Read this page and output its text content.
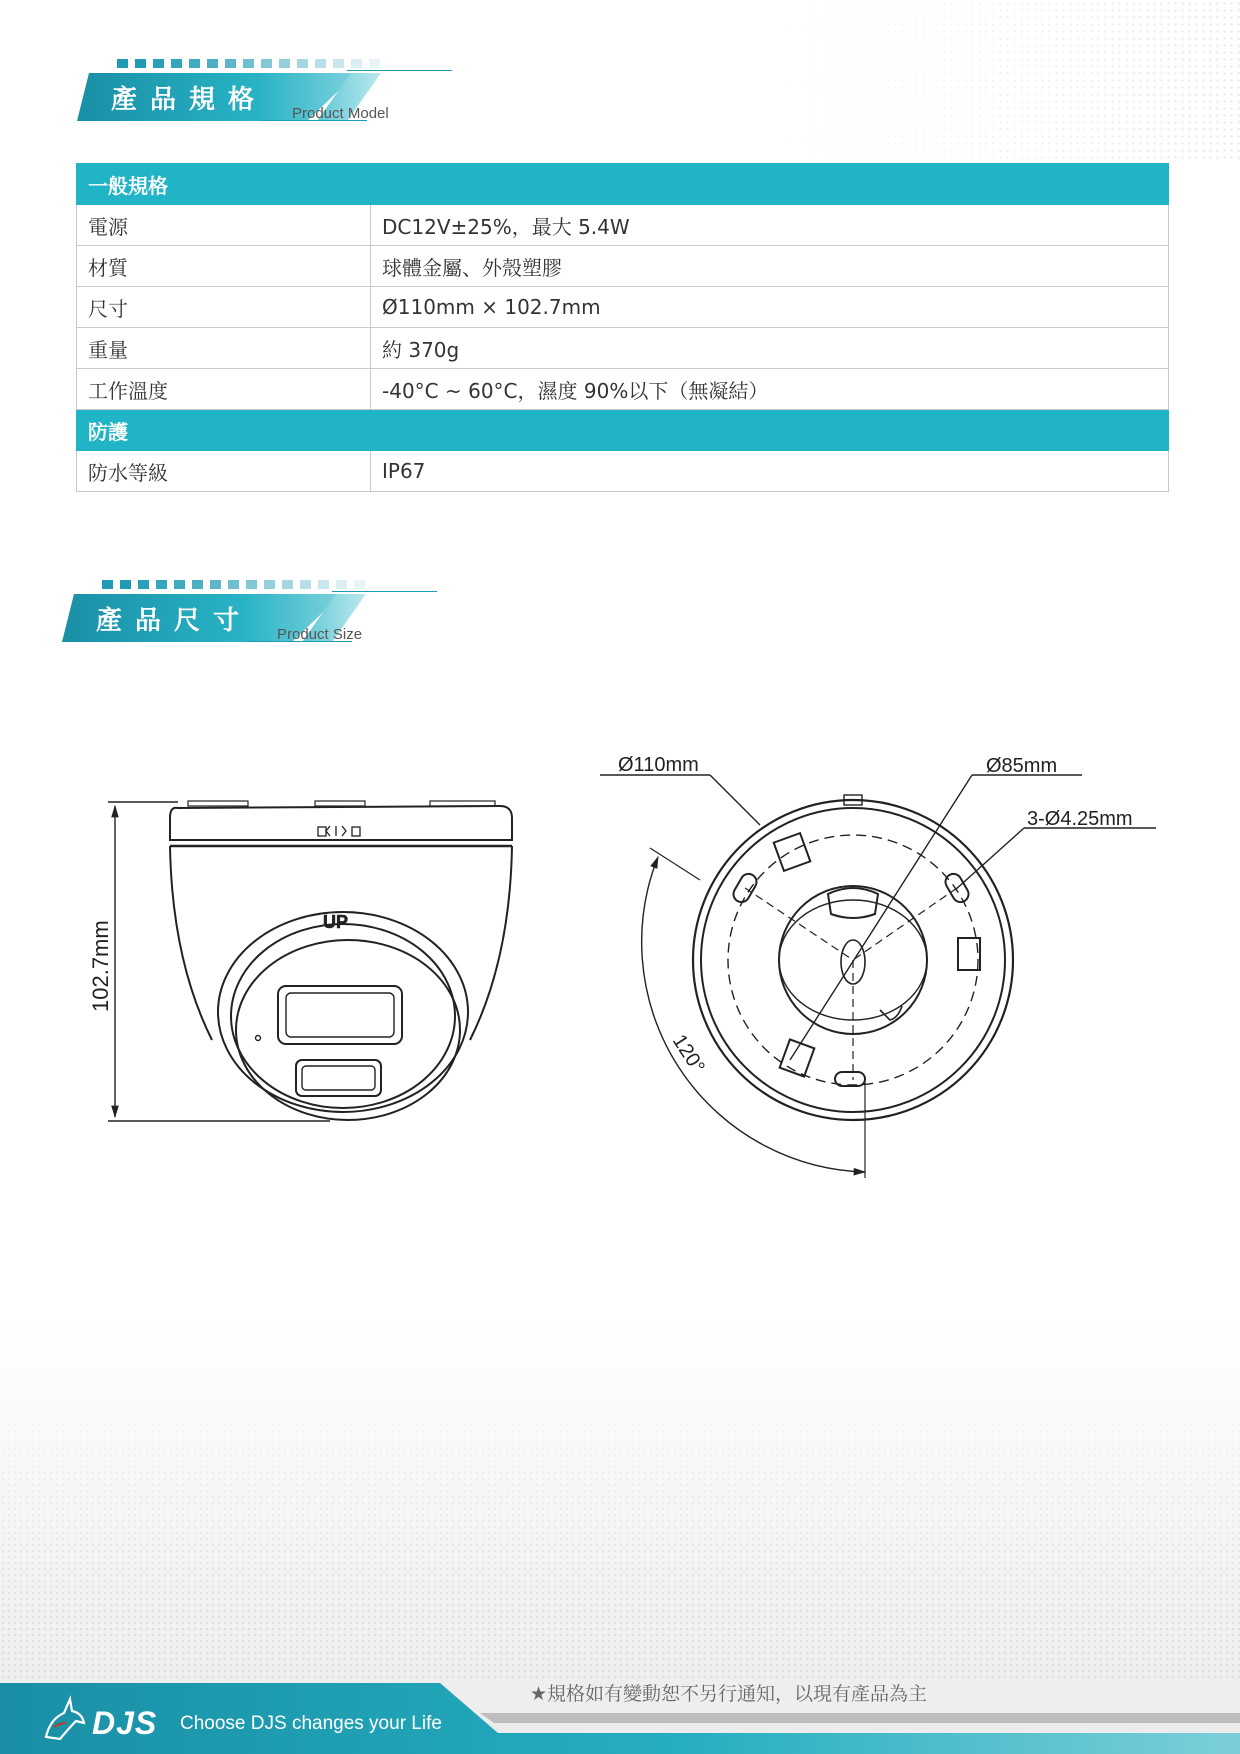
產品規格 Product Model
一般規格	
電源	DC12V±25%，最大 5.4W
材質	球體金屬、外殼塑膠
尺寸	Ø110mm × 102.7mm
重量	約 370g
工作溫度	-40°C ~ 60°C，濕度 90%以下（無凝結）
防護	
防水等級	IP67
產品尺寸 Product Size
102.7mm	UP
Ø110mm	Ø85mm
3-Ø4.25mm
120°
DJS Choose DJS changes your Life
★規格如有變動恕不另行通知，以現有產品為主
